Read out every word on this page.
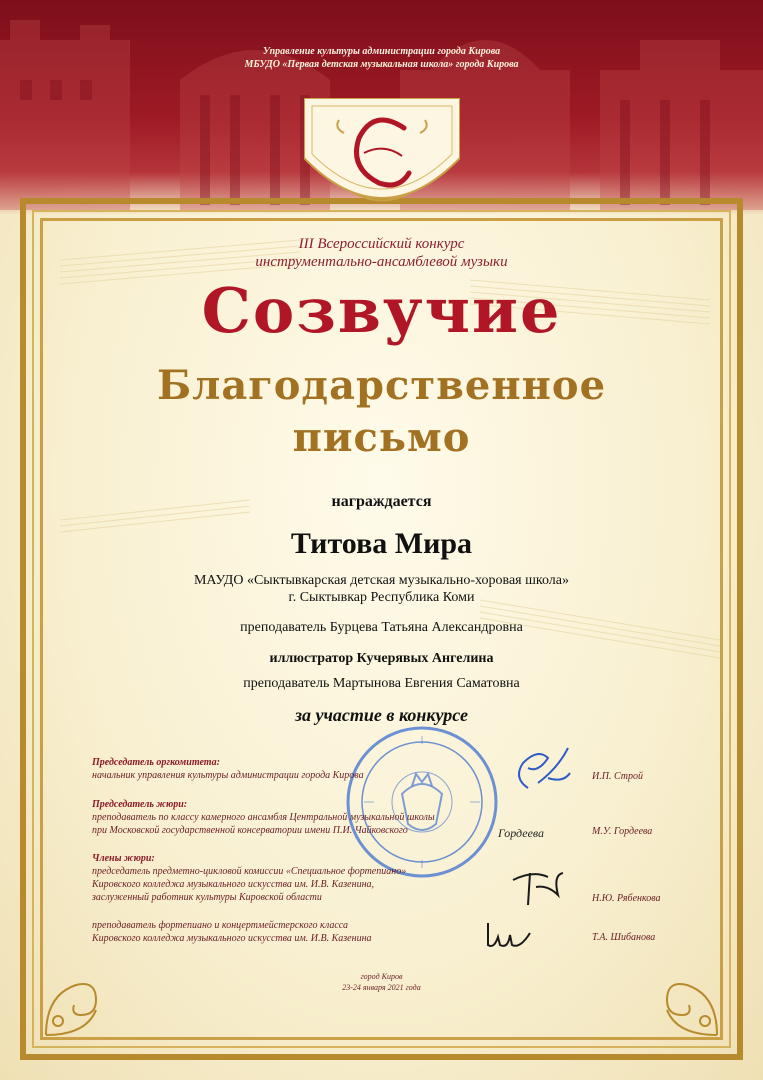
Управление культуры администрации города Кирова
МБУДО «Первая детская музыкальная школа» города Кирова
III Всероссийский конкурс
инструментально-ансамблевой музыки
Созвучие
Благодарственное
письмо
награждается
Титова Мира
МАУДО «Сыктывкарская детская музыкально-хоровая школа»
г. Сыктывкар Республика Коми
преподаватель Бурцева Татьяна Александровна
иллюстратор Кучерявых Ангелина
преподаватель Мартынова Евгения Саматовна
за участие в конкурсе
Председатель оргкомитета:
начальник управления культуры администрации города Кирова	И.П. Строй
Председатель жюри:
преподаватель по классу камерного ансамбля Центральной музыкальной школы
при Московской государственной консерватории имени П.И. Чайковского	М.У. Гордеева
Члены жюри:
председатель предметно-цикловой комиссии «Специальное фортепиано»
Кировского колледжа музыкального искусства им. И.В. Казенина,
заслуженный работник культуры Кировской области	Н.Ю. Рябенкова
преподаватель фортепиано и концертмейстерского класса
Кировского колледжа музыкального искусства им. И.В. Казенина	Т.А. Шибанова
Гордеева
город Киров
23-24 января 2021 года
